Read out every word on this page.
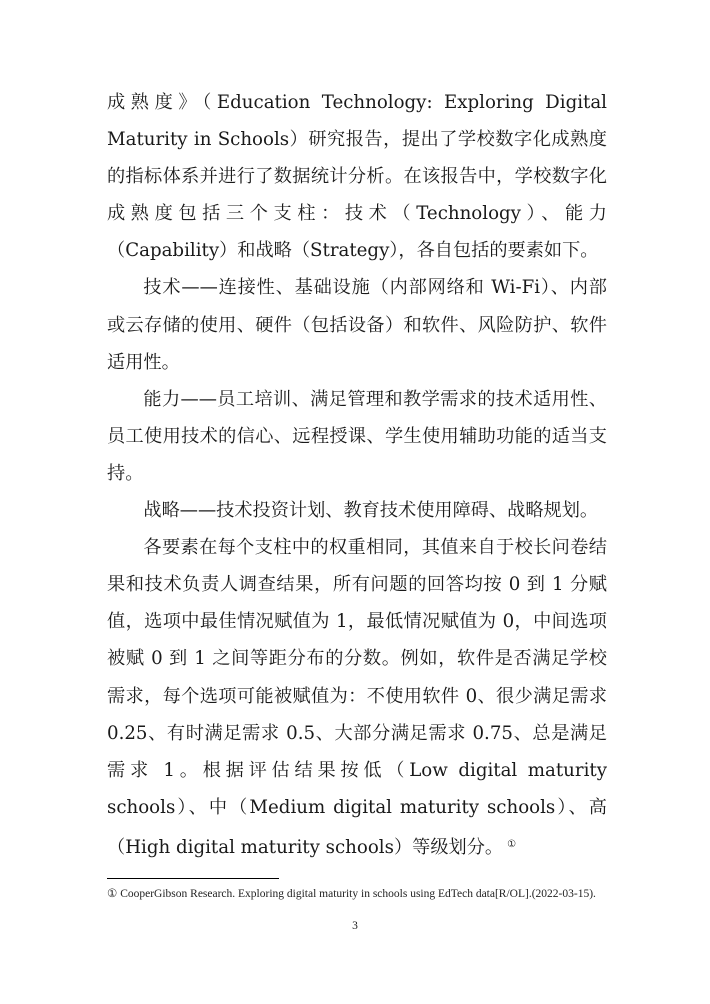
成熟度》（Education Technology: Exploring Digital Maturity in Schools）研究报告，提出了学校数字化成熟度的指标体系并进行了数据统计分析。在该报告中，学校数字化成熟度包括三个支柱：技术（Technology）、能力（Capability）和战略（Strategy），各自包括的要素如下。

技术——连接性、基础设施（内部网络和 Wi-Fi）、内部或云存储的使用、硬件（包括设备）和软件、风险防护、软件适用性。

能力——员工培训、满足管理和教学需求的技术适用性、员工使用技术的信心、远程授课、学生使用辅助功能的适当支持。

战略——技术投资计划、教育技术使用障碍、战略规划。

各要素在每个支柱中的权重相同，其值来自于校长问卷结果和技术负责人调查结果，所有问题的回答均按 0 到 1 分赋值，选项中最佳情况赋值为 1，最低情况赋值为 0，中间选项被赋 0 到 1 之间等距分布的分数。例如，软件是否满足学校需求，每个选项可能被赋值为：不使用软件 0、很少满足需求 0.25、有时满足需求 0.5、大部分满足需求 0.75、总是满足需求 1。根据评估结果按低（Low digital maturity schools）、中（Medium digital maturity schools）、高（High digital maturity schools）等级划分。 ①

① CooperGibson Research. Exploring digital maturity in schools using EdTech data[R/OL].(2022-03-15).
3
